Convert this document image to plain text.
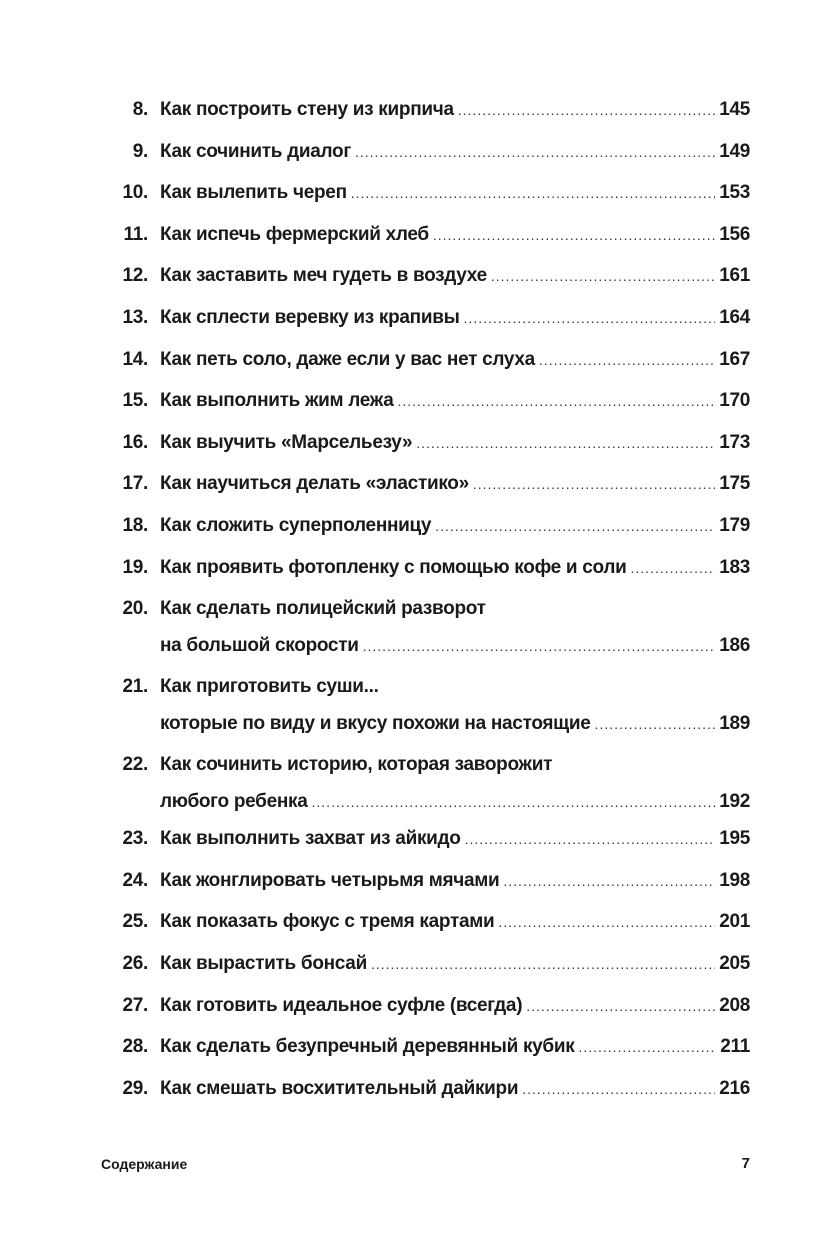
8. Как построить стену из кирпича .....	145
9. Как сочинить диалог .....	149
10. Как вылепить череп .....	153
11. Как испечь фермерский хлеб .....	156
12. Как заставить меч гудеть в воздухе .....	161
13. Как сплести веревку из крапивы .....	164
14. Как петь соло, даже если у вас нет слуха .....	167
15. Как выполнить жим лежа .....	170
16. Как выучить «Марсельезу» .....	173
17. Как научиться делать «эластико» .....	175
18. Как сложить суперполенницу .....	179
19. Как проявить фотопленку с помощью кофе и соли .....	183
20. Как сделать полицейский разворот
на большой скорости .....	186
21. Как приготовить суши...
которые по виду и вкусу похожи на настоящие .....	189
22. Как сочинить историю, которая заворожит
любого ребенка .....	192
23. Как выполнить захват из айкидо .....	195
24. Как жонглировать четырьмя мячами .....	198
25. Как показать фокус с тремя картами .....	201
26. Как вырастить бонсай .....	205
27. Как готовить идеальное суфле (всегда) .....	208
28. Как сделать безупречный деревянный кубик .....	211
29. Как смешать восхитительный дайкири .....	216
Содержание	7
